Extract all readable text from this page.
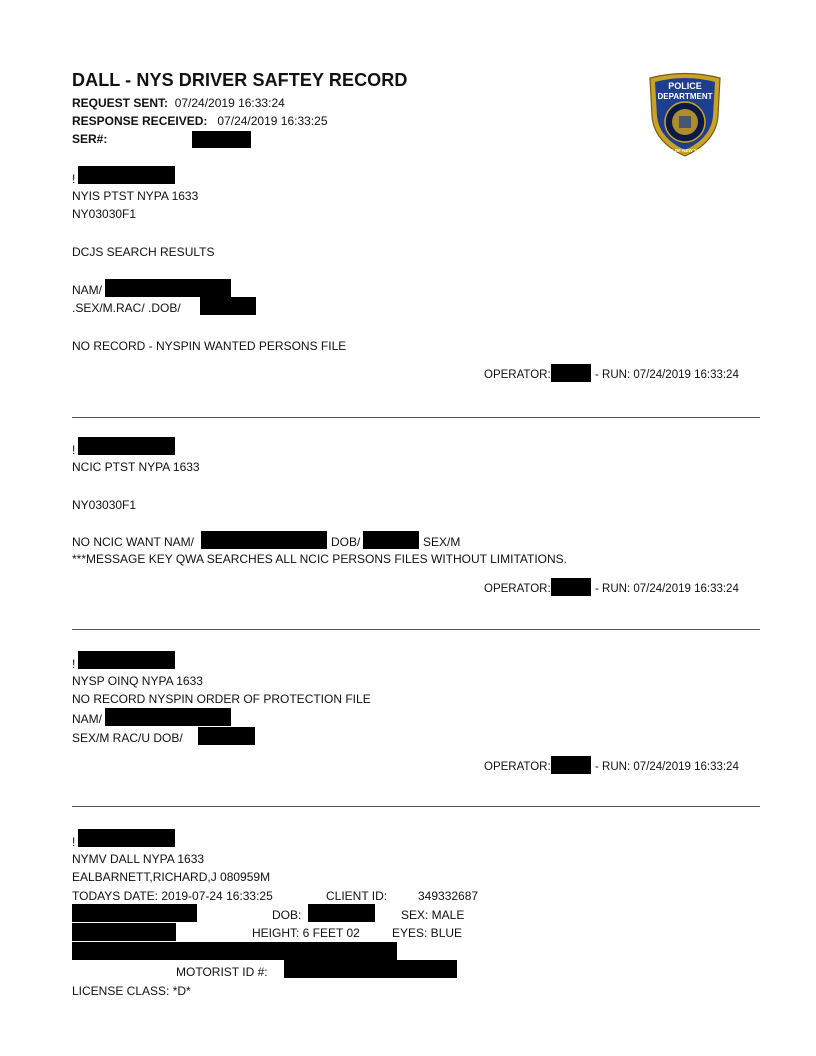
DALL - NYS DRIVER SAFTEY RECORD
REQUEST SENT: 07/24/2019 16:33:24
RESPONSE RECEIVED: 07/24/2019 16:33:25
SER#:
POLICE
DEPARTMENT
CITY OF NEW YORK
!
NYIS PTST NYPA 1633
NY03030F1
DCJS SEARCH RESULTS
NAM/
.SEX/M.RAC/ .DOB/
NO RECORD - NYSPIN WANTED PERSONS FILE
OPERATOR:	- RUN: 07/24/2019 16:33:24
!
NCIC PTST NYPA 1633
NY03030F1
NO NCIC WANT NAM/	DOB/	SEX/M
***MESSAGE KEY QWA SEARCHES ALL NCIC PERSONS FILES WITHOUT LIMITATIONS.
OPERATOR:	- RUN: 07/24/2019 16:33:24
!
NYSP OINQ NYPA 1633
NO RECORD NYSPIN ORDER OF PROTECTION FILE
NAM/
SEX/M RAC/U DOB/
OPERATOR:	- RUN: 07/24/2019 16:33:24
!
NYMV DALL NYPA 1633
EALBARNETT,RICHARD,J 080959M
TODAYS DATE: 2019-07-24 16:33:25	CLIENT ID:	349332687
DOB:	SEX: MALE
HEIGHT: 6 FEET 02	EYES: BLUE
MOTORIST ID #:
LICENSE CLASS: *D*
